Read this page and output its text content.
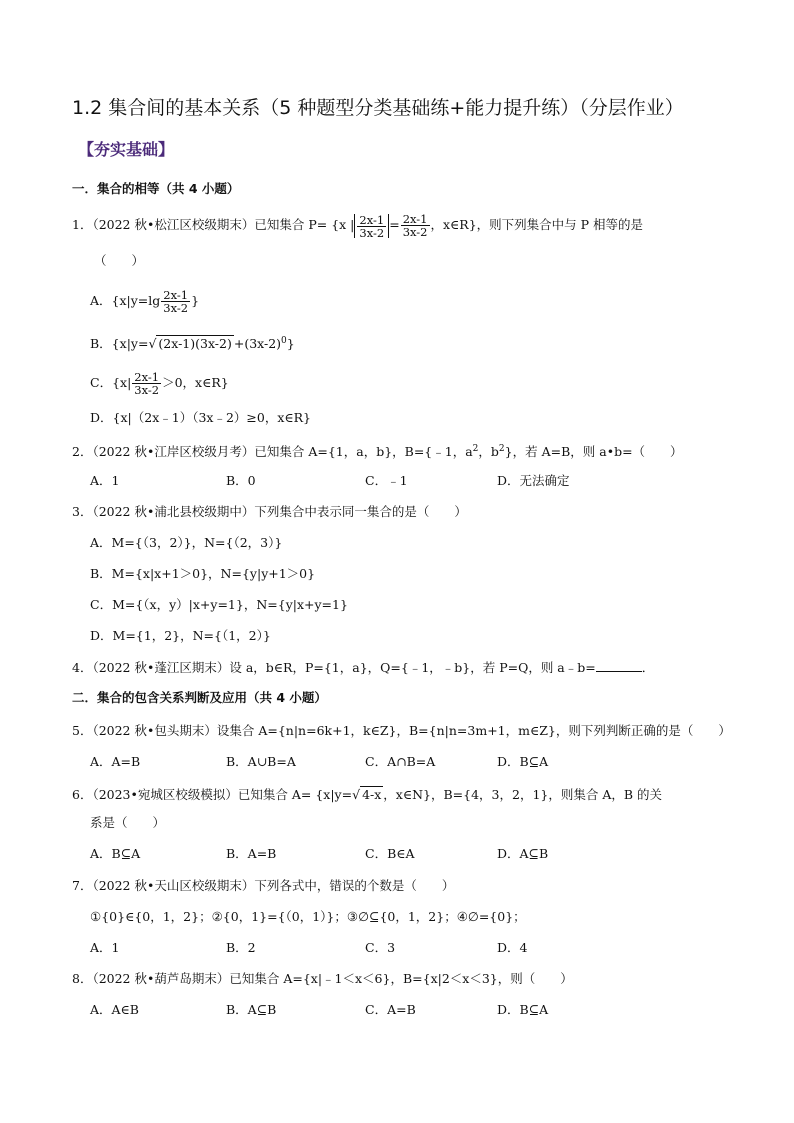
1.2 集合间的基本关系（5 种题型分类基础练+能力提升练）（分层作业）
【夯实基础】
一．集合的相等（共 4 小题）
1．（2022 秋•松江区校级期末）已知集合 P= {x | $\frac{2x-1}{3x-2} = \frac{2x-1}{3x-2}$ ，x∈R}，则下列集合中与 P 相等的是
（　　）
A．{$x|y=\lg \frac{2x-1}{3x-2}$ }
B．{x|y=√ $(2x-1)(3x-2) +(3x-2)^0$}
C．{$x| \frac{2x-1}{3x-2} >0$，x∈R}
D．{x|（2x﹣1）（3x﹣2）≥0，x∈R}
2．（2022 秋•江岸区校级月考）已知集合 A={1，a，b}，B={﹣1，$a^2$，$b^2$}，若 A=B，则 a•b=（　　）
A．1	B．0	C．﹣1	D．无法确定
3．（2022 秋•浦北县校级期中）下列集合中表示同一集合的是（　　）
A．M={（3，2）}，N={（2，3）}
B．M={x|x+1＞0}，N={y|y+1＞0}
C．M={（x，y）|x+y=1}，N={y|x+y=1}
D．M={1，2}，N={（1，2）}
4．（2022 秋•蓬江区期末）设 a，b∈R，P={1，a}，Q={﹣1，﹣b}，若 P=Q，则 a﹣b=	．
二．集合的包含关系判断及应用（共 4 小题）
5．（2022 秋•包头期末）设集合 A={n|n=6k+1，k∈Z}，B={n|n=3m+1，m∈Z}，则下列判断正确的是（　　）
A．A=B	B．A∪B=A	C．A∩B=A	D．B⊆A
6．（2023•宛城区校级模拟）已知集合 A= {x|y=√ 4-x ，x∈N}，B={4，3，2，1}，则集合 A，B 的关
系是（　　）
A．B⊆A	B．A=B	C．B∈A	D．A⊆B
7．（2022 秋•天山区校级期末）下列各式中，错误的个数是（　　）
①{0}∈{0，1，2}；②{0，1}={（0，1）}；③∅⊆{0，1，2}；④∅={0}；
A．1	B．2	C．3	D．4
8．（2022 秋•葫芦岛期末）已知集合 A={x|﹣1＜x＜6}，B={x|2＜x＜3}，则（　　）
A．A∈B	B．A⊆B	C．A=B	D．B⊆A
